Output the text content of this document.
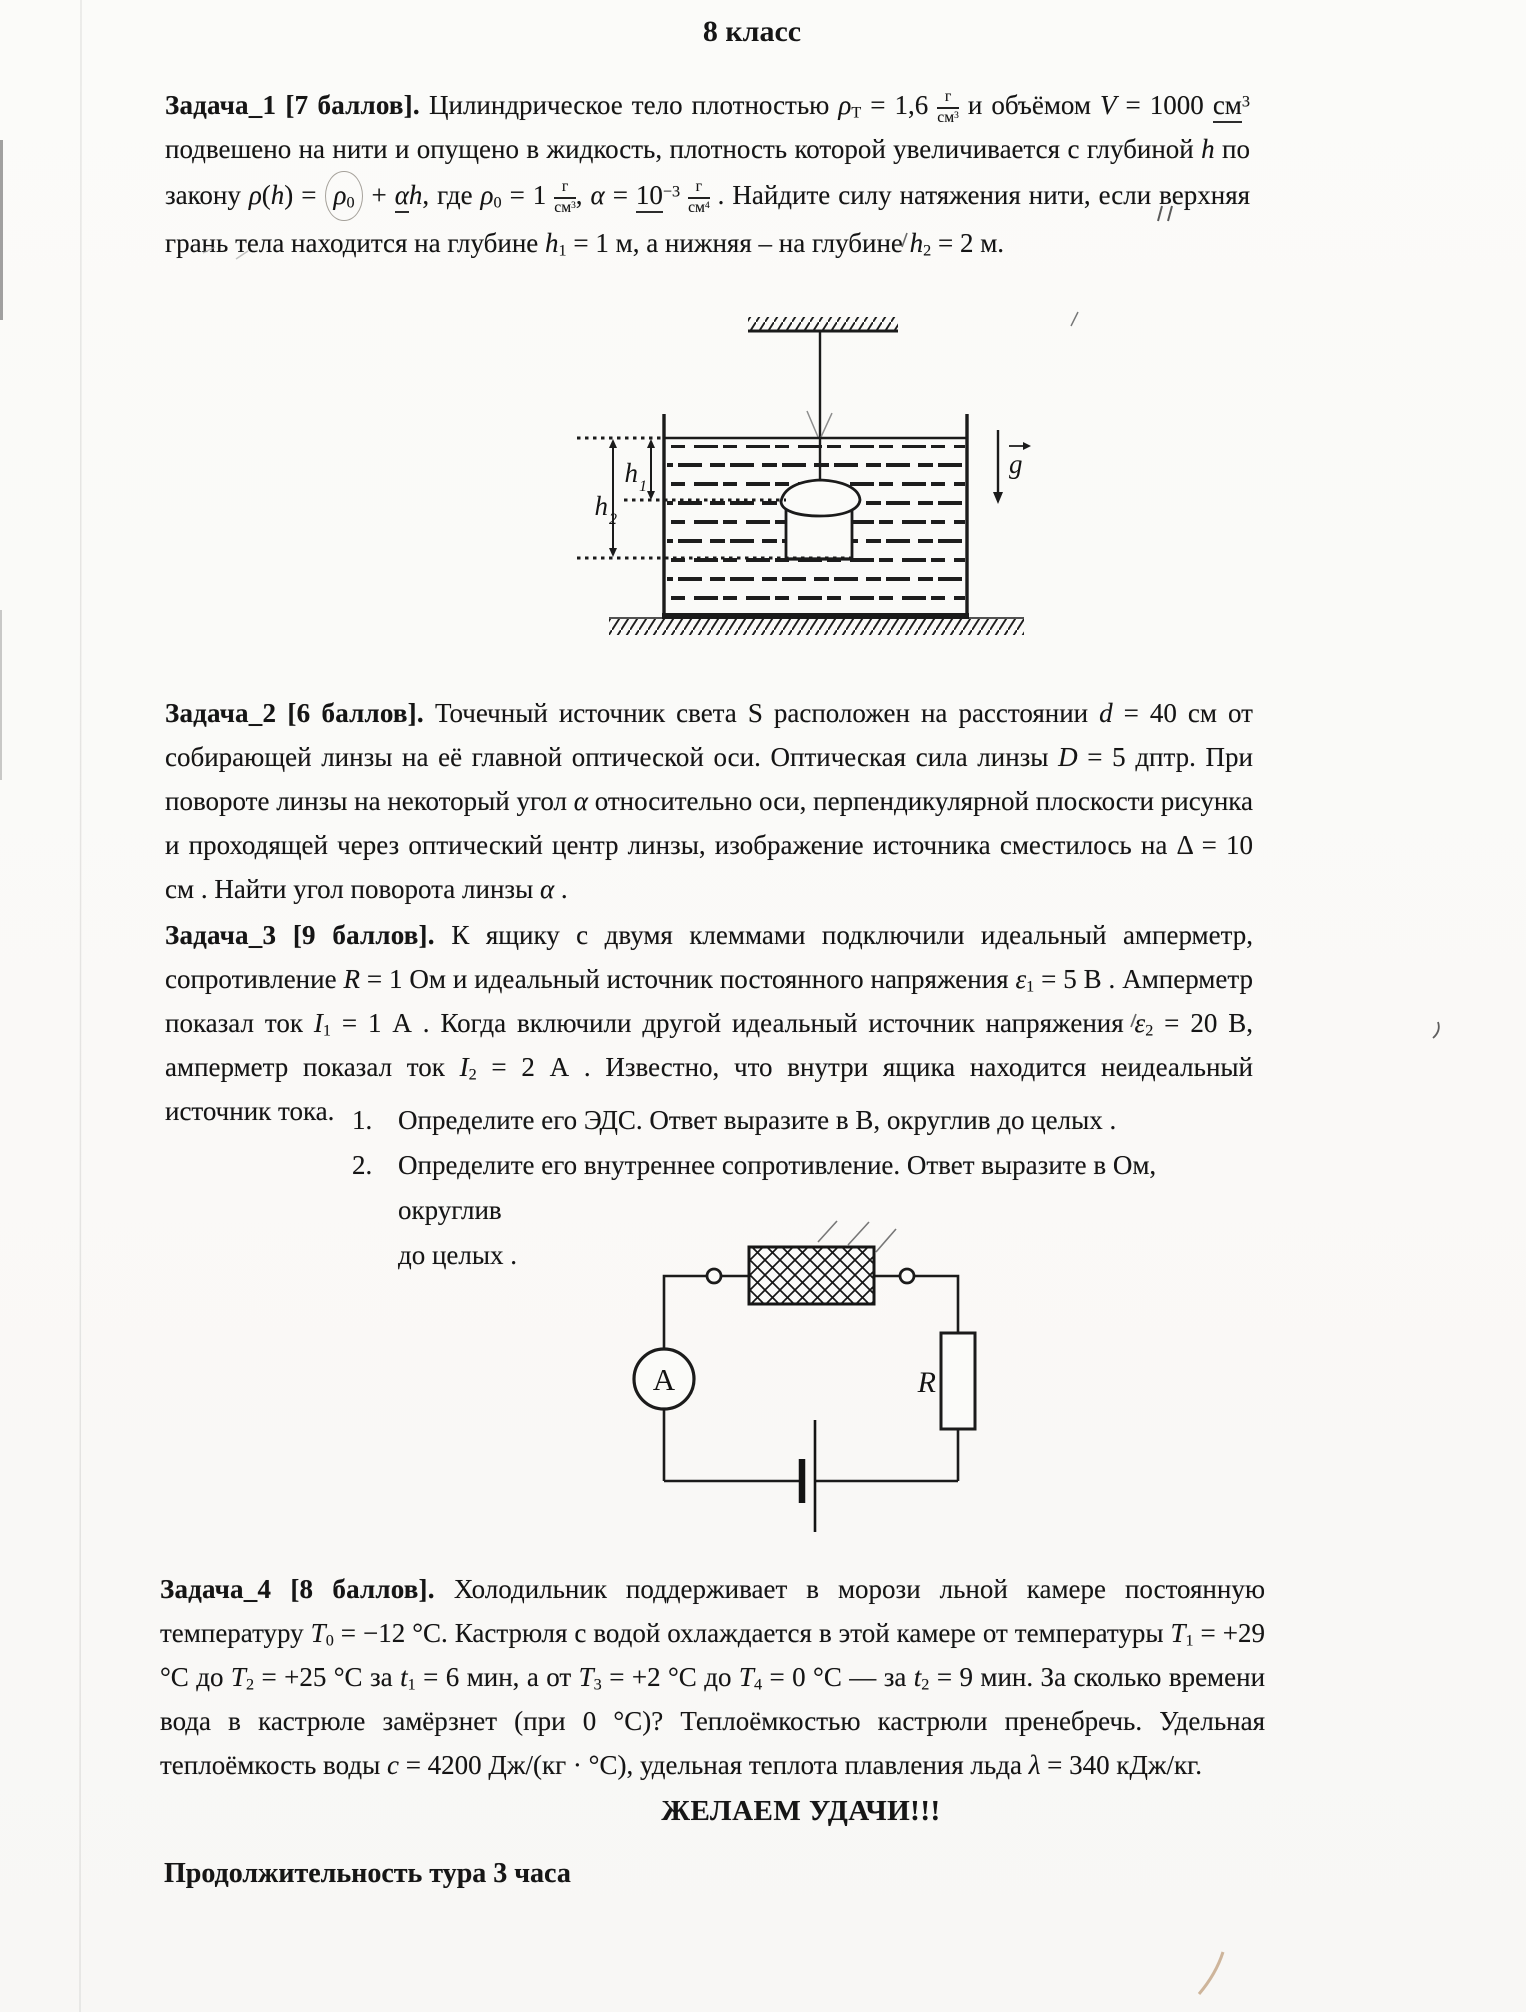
8 класс

Задача_1 [7 баллов]. Цилиндрическое тело плотностью $\rho_Т = 1,6 \frac{г}{см^3}$ и объёмом V = 1000 $см^3$ подвешено на нити и опущено в жидкость, плотность которой увеличивается с глубиной h по закону $\rho(h) = \rho_0 + \alpha h$, где $\rho_0 = 1 \frac{г}{см^3}$ , $\alpha = 10^{-3} \frac{г}{см^4}$ . Найдите силу натяжения нити, если верхняя грань тела находится на глубине $h_1 = 1$ м, а нижняя – на глубине $h_2 = 2$ м.

h 1
h 2
g

Задача_2 [6 баллов]. Точечный источник света S расположен на расстоянии d = 40 см от собирающей линзы на её главной оптической оси. Оптическая сила линзы D = 5 дптр. При повороте линзы на некоторый угол α относительно оси, перпендикулярной плоскости рисунка и проходящей через оптический центр линзы, изображение источника сместилось на Δ = 10 см . Найти угол поворота линзы α .

Задача_3 [9 баллов]. К ящику с двумя клеммами подключили идеальный амперметр, сопротивление R = 1 Ом и идеальный источник постоянного напряжения $\varepsilon_1 = 5$ В . Амперметр показал ток $I_1 = 1$ А . Когда включили другой идеальный источник напряжения $\varepsilon_2 = 20$ В, амперметр показал ток $I_2 = 2$ А . Известно, что внутри ящика находится неидеальный источник тока. 1. Определите его ЭДС. Ответ выразите в В, округлив до целых .
2. Определите его внутреннее сопротивление. Ответ выразите в Ом, округлив
до целых .
A	R

Задача_4 [8 баллов]. Холодильник поддерживает в морози льной камере постоянную температуру $T_0 = -12$ °С. Кастрюля с водой охлаждается в этой камере от температуры $T_1 = +29$ °С до $T_2 = +25$ °С за $t_1 = 6$ мин, а от $T_3 = +2$ °С до $T_4 = 0$ °С — за $t_2 = 9$ мин. За сколько времени вода в кастрюле замёрзнет (при 0 °С)? Теплоёмкостью кастрюли пренебречь. Удельная теплоёмкость воды c = 4200 Дж/(кг · °С), удельная теплота плавления льда λ = 340 кДж/кг.

ЖЕЛАЕМ УДАЧИ!!!
Продолжительность тура 3 часа
